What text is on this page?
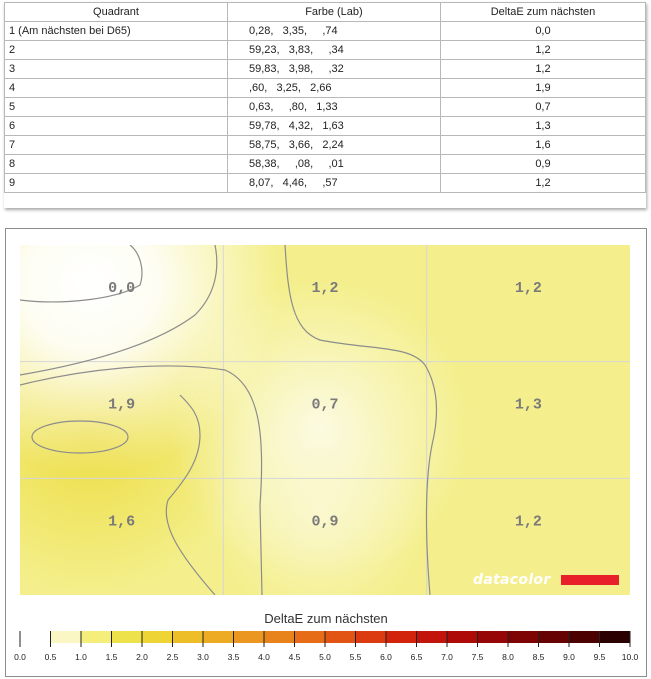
Quadrant	Farbe (Lab)	DeltaE zum nächsten
1 (Am nächsten bei D65)	0,28,   3,35,     ,74	0,0
2	59,23,   3,83,     ,34	1,2
3	59,83,   3,98,     ,32	1,2
4	,60,   3,25,   2,66	1,9
5	0,63,     ,80,   1,33	0,7
6	59,78,   4,32,   1,63	1,3
7	58,75,   3,66,   2,24	1,6
8	58,38,     ,08,     ,01	0,9
9	8,07,   4,46,     ,57	1,2
0,0	1,2	1,2
1,9	0,7	1,3
1,6	0,9	1,2
datacolor
DeltaE zum nächsten
0.0 0.5 1.0 1.5 2.0 2.5 3.0 3.5 4.0 4.5 5.0 5.5 6.0 6.5 7.0 7.5 8.0 8.5 9.0 9.5 10.0
